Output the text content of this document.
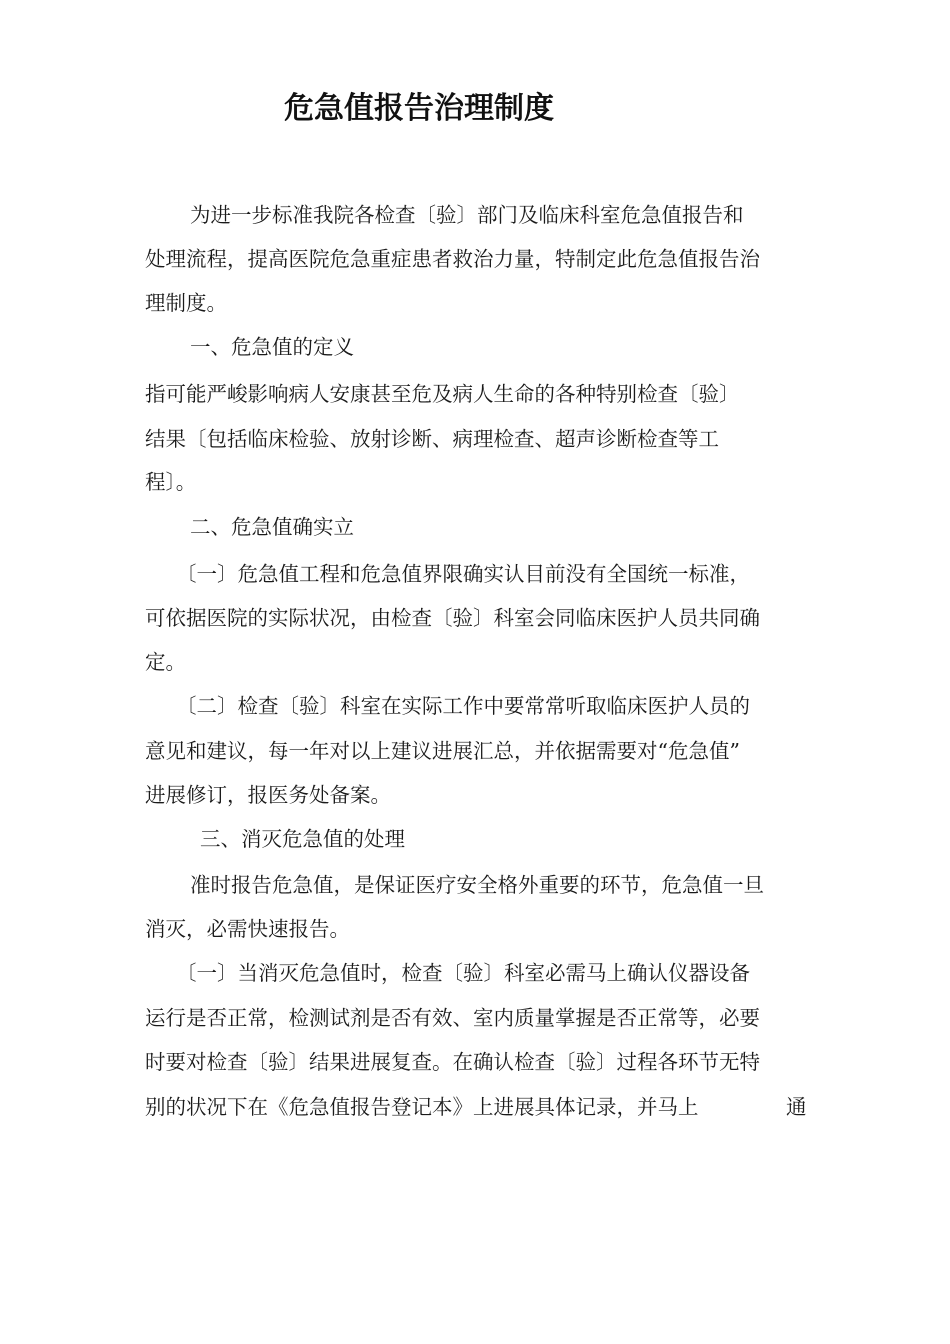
危急值报告治理制度

为进一步标准我院各检查〔验〕部门及临床科室危急值报告和

处理流程，提高医院危急重症患者救治力量，特制定此危急值报告治

理制度。

一、危急值的定义

指可能严峻影响病人安康甚至危及病人生命的各种特别检查〔验〕

结果〔包括临床检验、放射诊断、病理检查、超声诊断检查等工

程〕。

二、危急值确实立

〔一〕危急值工程和危急值界限确实认目前没有全国统一标准，

可依据医院的实际状况，由检查〔验〕科室会同临床医护人员共同确

定。

〔二〕检查〔验〕科室在实际工作中要常常听取临床医护人员的

意见和建议，每一年对以上建议进展汇总，并依据需要对“危急值”

进展修订，报医务处备案。

三、消灭危急值的处理

准时报告危急值，是保证医疗安全格外重要的环节，危急值一旦

消灭，必需快速报告。

〔一〕当消灭危急值时，检查〔验〕科室必需马上确认仪器设备

运行是否正常，检测试剂是否有效、室内质量掌握是否正常等，必要

时要对检查〔验〕结果进展复查。在确认检查〔验〕过程各环节无特

别的状况下在《危急值报告登记本》上进展具体记录，并马上	通
